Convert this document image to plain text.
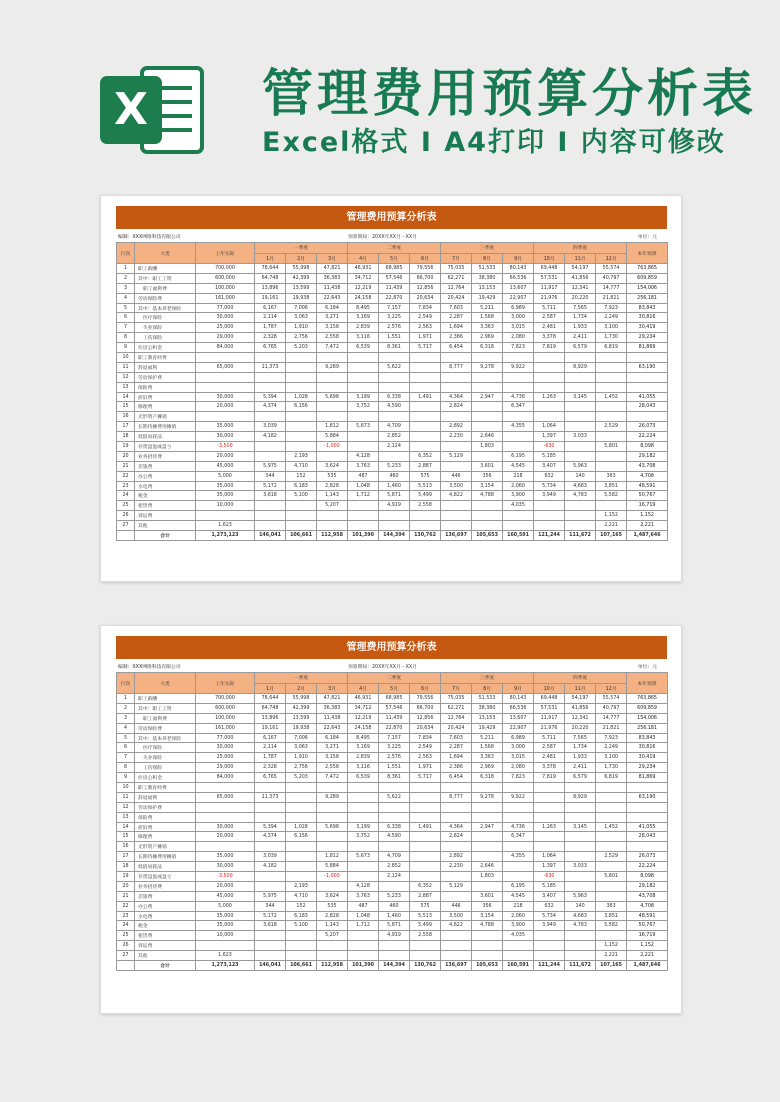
X 管理费用预算分析表
Excel格式 I A4打印 I 内容可修改
管理费用预算分析表
编制：XXX网络科技有限公司	预算期间：20XX年XX月－XX月	单位：元
行次	大类	上年实际	一季度			二季度			三季度			四季度			本年预算
			1月	2月	3月	4月	5月	6月	7月	8月	9月	10月	11月	12月	
1	职工薪酬	700,000	78,644	55,998	47,821	46,931	68,985	79,556	75,035	51,533	80,143	69,448	54,197	55,574	763,865
2	其中：职工工资	600,000	64,748	42,399	36,383	34,712	57,546	66,700	62,271	38,380	66,536	57,531	41,856	40,797	609,859
3	职工福利费	100,000	13,896	13,599	11,438	12,219	11,439	12,856	12,764	13,153	13,607	11,917	12,341	14,777	154,006
4	劳动保险费	161,000	19,161	19,938	22,643	24,158	22,870	20,634	20,424	19,429	22,907	21,976	20,220	21,821	256,181
5	其中：基本养老保险	77,000	6,167	7,006	6,184	8,495	7,157	7,834	7,603	5,211	6,989	5,711	7,565	7,923	83,843
6	医疗保险	30,000	2,114	3,063	3,271	3,169	3,225	2,549	2,287	1,568	3,000	2,587	1,734	2,249	30,816
7	失业保险	25,000	1,787	1,910	3,158	2,839	2,576	2,563	1,694	3,363	3,015	2,481	1,933	3,100	30,419
8	工伤保险	29,000	2,328	2,756	2,558	3,116	1,551	1,971	2,386	2,969	2,080	3,378	2,411	1,730	29,234
9	住房公积金	84,000	6,765	5,203	7,472	6,539	8,361	5,717	6,454	6,318	7,823	7,819	6,579	6,819	81,869
10	职工教育经费														
11	辞退福利	65,000	11,373		9,289		5,622		8,777	9,278	9,922		8,929		63,190
12	劳动保护费														
13	保险费														
14	折旧费	30,000	5,394	1,028	5,698	3,199	6,338	1,491	4,364	2,947	4,736	1,263	3,145	1,452	41,055
15	修理费	20,000	4,374	6,156		3,752	4,590		2,824		6,347				28,043
16	无形资产摊销														
17	长期待摊费用摊销	35,000	3,039		1,812	5,673	4,709		2,892		4,355	1,064		2,529	26,073
18	低值易耗品	30,000	4,182		5,884		2,852		2,230	2,646		1,397	3,033		22,224
19	存货盘盈或盘亏	-3,500			-1,000		2,124			1,803		-630		5,801	8,098
20	业务招待费	20,000		2,193		4,128		6,352	5,129		6,195	5,185			29,182
21	差旅费	45,000	5,975	4,710	3,624	3,763	5,233	2,887		3,601	4,545	3,407	5,963		43,708
22	办公费	5,000	344	152	535	487	460	575	446	356	218	632	140	363	4,708
23	水电费	35,000	5,172	6,183	2,828	1,048	1,460	5,513	3,500	3,154	2,060	5,734	4,683	3,851	48,591
24	税金	35,000	3,618	5,100	1,143	1,712	5,871	5,499	4,822	4,788	3,900	3,949	4,783	5,582	50,767
25	租赁费	10,000			5,207		4,919	2,558			4,035				16,719
26	诉讼费													1,152	1,152
27	其他	1,623												2,221	2,221
	合计	1,273,123	146,041	106,661	112,958	101,390	144,394	130,762	136,697	105,653	160,591	121,244	111,672	107,165	1,487,646
管理费用预算分析表
编制：XXX网络科技有限公司	预算期间：20XX年XX月－XX月	单位：元
行次	大类	上年实际	一季度			二季度			三季度			四季度			本年预算
			1月	2月	3月	4月	5月	6月	7月	8月	9月	10月	11月	12月	
1	职工薪酬	700,000	78,644	55,998	47,821	46,931	68,985	79,556	75,035	51,533	80,143	69,448	54,197	55,574	763,865
2	其中：职工工资	600,000	64,748	42,399	36,383	34,712	57,546	66,700	62,271	38,380	66,536	57,531	41,856	40,797	609,859
3	职工福利费	100,000	13,896	13,599	11,438	12,219	11,439	12,856	12,764	13,153	13,607	11,917	12,341	14,777	154,006
4	劳动保险费	161,000	19,161	19,938	22,643	24,158	22,870	20,634	20,424	19,429	22,907	21,976	20,220	21,821	256,181
5	其中：基本养老保险	77,000	6,167	7,006	6,184	8,495	7,157	7,834	7,603	5,211	6,989	5,711	7,565	7,923	83,843
6	医疗保险	30,000	2,114	3,063	3,271	3,169	3,225	2,549	2,287	1,568	3,000	2,587	1,734	2,249	30,816
7	失业保险	25,000	1,787	1,910	3,158	2,839	2,576	2,563	1,694	3,363	3,015	2,481	1,933	3,100	30,419
8	工伤保险	29,000	2,328	2,756	2,558	3,116	1,551	1,971	2,386	2,969	2,080	3,378	2,411	1,730	29,234
9	住房公积金	84,000	6,765	5,203	7,472	6,539	8,361	5,717	6,454	6,318	7,823	7,819	6,579	6,819	81,869
10	职工教育经费														
11	辞退福利	65,000	11,373		9,289		5,622		8,777	9,278	9,922		8,929		63,190
12	劳动保护费														
13	保险费														
14	折旧费	30,000	5,394	1,028	5,698	3,199	6,338	1,491	4,364	2,947	4,736	1,263	3,145	1,452	41,055
15	修理费	20,000	4,374	6,156		3,752	4,590		2,824		6,347				28,043
16	无形资产摊销														
17	长期待摊费用摊销	35,000	3,039		1,812	5,673	4,709		2,892		4,355	1,064		2,529	26,073
18	低值易耗品	30,000	4,182		5,884		2,852		2,230	2,646		1,397	3,033		22,224
19	存货盘盈或盘亏	-3,500			-1,000		2,124			1,803		-630		5,801	8,098
20	业务招待费	20,000		2,193		4,128		6,352	5,129		6,195	5,185			29,182
21	差旅费	45,000	5,975	4,710	3,624	3,763	5,233	2,887		3,601	4,545	3,407	5,963		43,708
22	办公费	5,000	344	152	535	487	460	575	446	356	218	632	140	363	4,708
23	水电费	35,000	5,172	6,183	2,828	1,048	1,460	5,513	3,500	3,154	2,060	5,734	4,683	3,851	48,591
24	税金	35,000	3,618	5,100	1,143	1,712	5,871	5,499	4,822	4,788	3,900	3,949	4,783	5,582	50,767
25	租赁费	10,000			5,207		4,919	2,558			4,035				16,719
26	诉讼费													1,152	1,152
27	其他	1,623												2,221	2,221
	合计	1,273,123	146,041	106,661	112,958	101,390	144,394	130,762	136,697	105,653	160,591	121,244	111,672	107,165	1,487,646
